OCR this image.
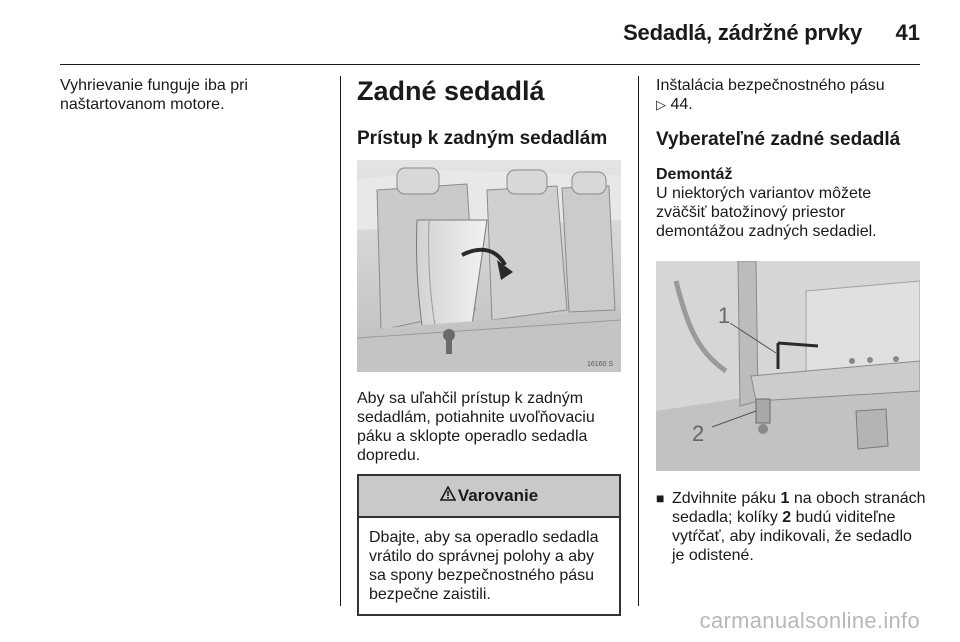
Sedadlá, zádržné prvky 41

Vyhrievanie funguje iba pri naštartovanom motore.	Zadné sedadlá
Prístup k zadným sedadlám
16160 S

Aby sa uľahčil prístup k zadným sedadlám, potiahnite uvoľňovaciu páku a sklopte operadlo sedadla dopredu.

Varovanie

Dbajte, aby sa operadlo sedadla vrátilo do správnej polohy a aby sa spony bezpečnostného pásu bezpečne zaistili.

Inštalácia bezpečnostného pásu
▷ 44.

Vyberateľné zadné sedadlá
Demontáž

U niektorých variantov môžete zväčšiť batožinový priestor demontážou zadných sedadiel.

1
2
■ Zdvihnite páku 1 na oboch stranách sedadla; kolíky 2 budú viditeľne vytŕčať, aby indikovali, že sedadlo je odistené.

carmanualsonline.info
